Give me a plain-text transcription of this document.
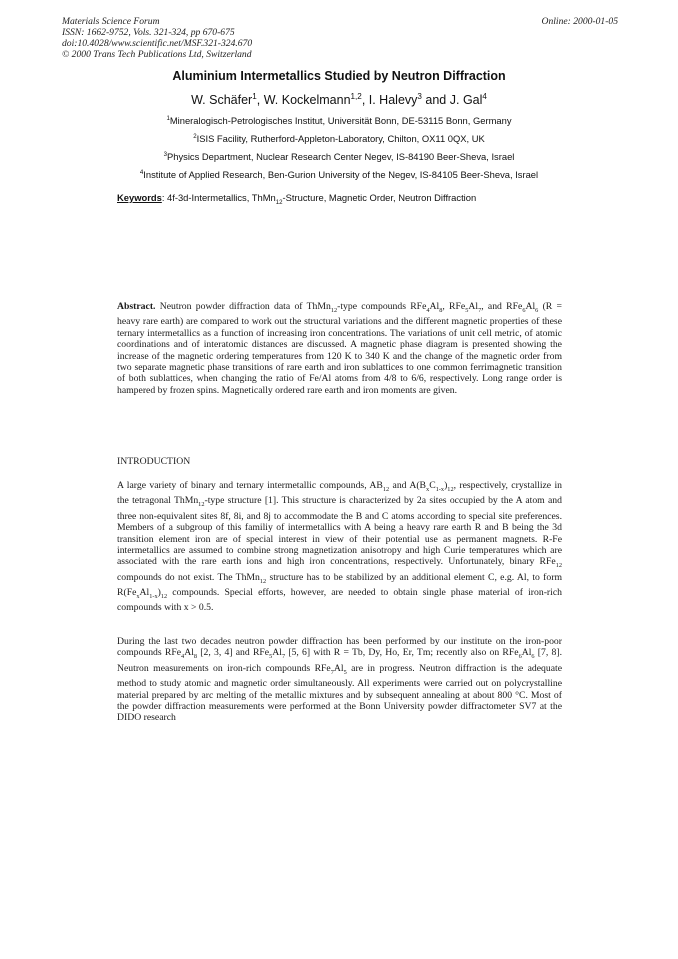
Materials Science Forum
ISSN: 1662-9752, Vols. 321-324, pp 670-675
doi:10.4028/www.scientific.net/MSF.321-324.670
© 2000 Trans Tech Publications Ltd, Switzerland
Online: 2000-01-05
Aluminium Intermetallics Studied by Neutron Diffraction
W. Schäfer$^1$, W. Kockelmann$^{1,2}$, I. Halevy$^3$ and J. Gal$^4$
$^1$Mineralogisch-Petrologisches Institut, Universität Bonn, DE-53115 Bonn, Germany
$^2$ISIS Facility, Rutherford-Appleton-Laboratory, Chilton, OX11 0QX, UK
$^3$Physics Department, Nuclear Research Center Negev, IS-84190 Beer-Sheva, Israel
$^4$Institute of Applied Research, Ben-Gurion University of the Negev, IS-84105 Beer-Sheva, Israel
Keywords: 4f-3d-Intermetallics, ThMn$_{12}$-Structure, Magnetic Order, Neutron Diffraction
Abstract. Neutron powder diffraction data of ThMn$_{12}$-type compounds $RFe_4Al_8$, $RFe_5Al_7$, and $RFe_6Al_6$ (R = heavy rare earth) are compared to work out the structural variations and the different magnetic properties of these ternary intermetallics as a function of increasing iron concentrations. The variations of unit cell metric, of atomic coordinations and of interatomic distances are discussed. A magnetic phase diagram is presented showing the increase of the magnetic ordering temperatures from 120 K to 340 K and the change of the magnetic order from two separate magnetic phase transitions of rare earth and iron sublattices to one common ferrimagnetic transition of both sublattices, when changing the ratio of Fe/Al atoms from 4/8 to 6/6, respectively. Long range order is hampered by frozen spins. Magnetically ordered rare earth and iron moments are given.
INTRODUCTION
A large variety of binary and ternary intermetallic compounds, $AB_{12}$ and $A(B_xC_{1-x})_{12}$, respectively, crystallize in the tetragonal ThMn$_{12}$-type structure [1]. This structure is characterized by 2a sites occupied by the A atom and three non-equivalent sites 8f, 8i, and 8j to accommodate the B and C atoms according to special site preferences. Members of a subgroup of this familiy of intermetallics with A being a heavy rare earth R and B being the 3d transition element iron are of special interest in view of their potential use as permanent magnets. R-Fe intermetallics are assumed to combine strong magnetization anisotropy and high Curie temperatures which are associated with the rare earth ions and high iron concentrations, respectively. Unfortunately, binary RFe$_{12}$ compounds do not exist. The ThMn$_{12}$ structure has to be stabilized by an additional element C, e.g. Al, to form $R(Fe_xAl_{1-x})_{12}$ compounds. Special efforts, however, are needed to obtain single phase material of iron-rich compounds with x > 0.5.
During the last two decades neutron powder diffraction has been performed by our institute on the iron-poor compounds $RFe_4Al_8$ [2, 3, 4] and $RFe_5Al_7$ [5, 6] with R = Tb, Dy, Ho, Er, Tm; recently also on $RFe_6Al_6$ [7, 8]. Neutron measurements on iron-rich compounds $RFe_7Al_5$ are in progress. Neutron diffraction is the adequate method to study atomic and magnetic order simultaneously. All experiments were carried out on polycrystalline material prepared by arc melting of the metallic mixtures and by subsequent annealing at about 800 °C. Most of the powder diffraction measurements were performed at the Bonn University powder diffractometer SV7 at the DIDO research
